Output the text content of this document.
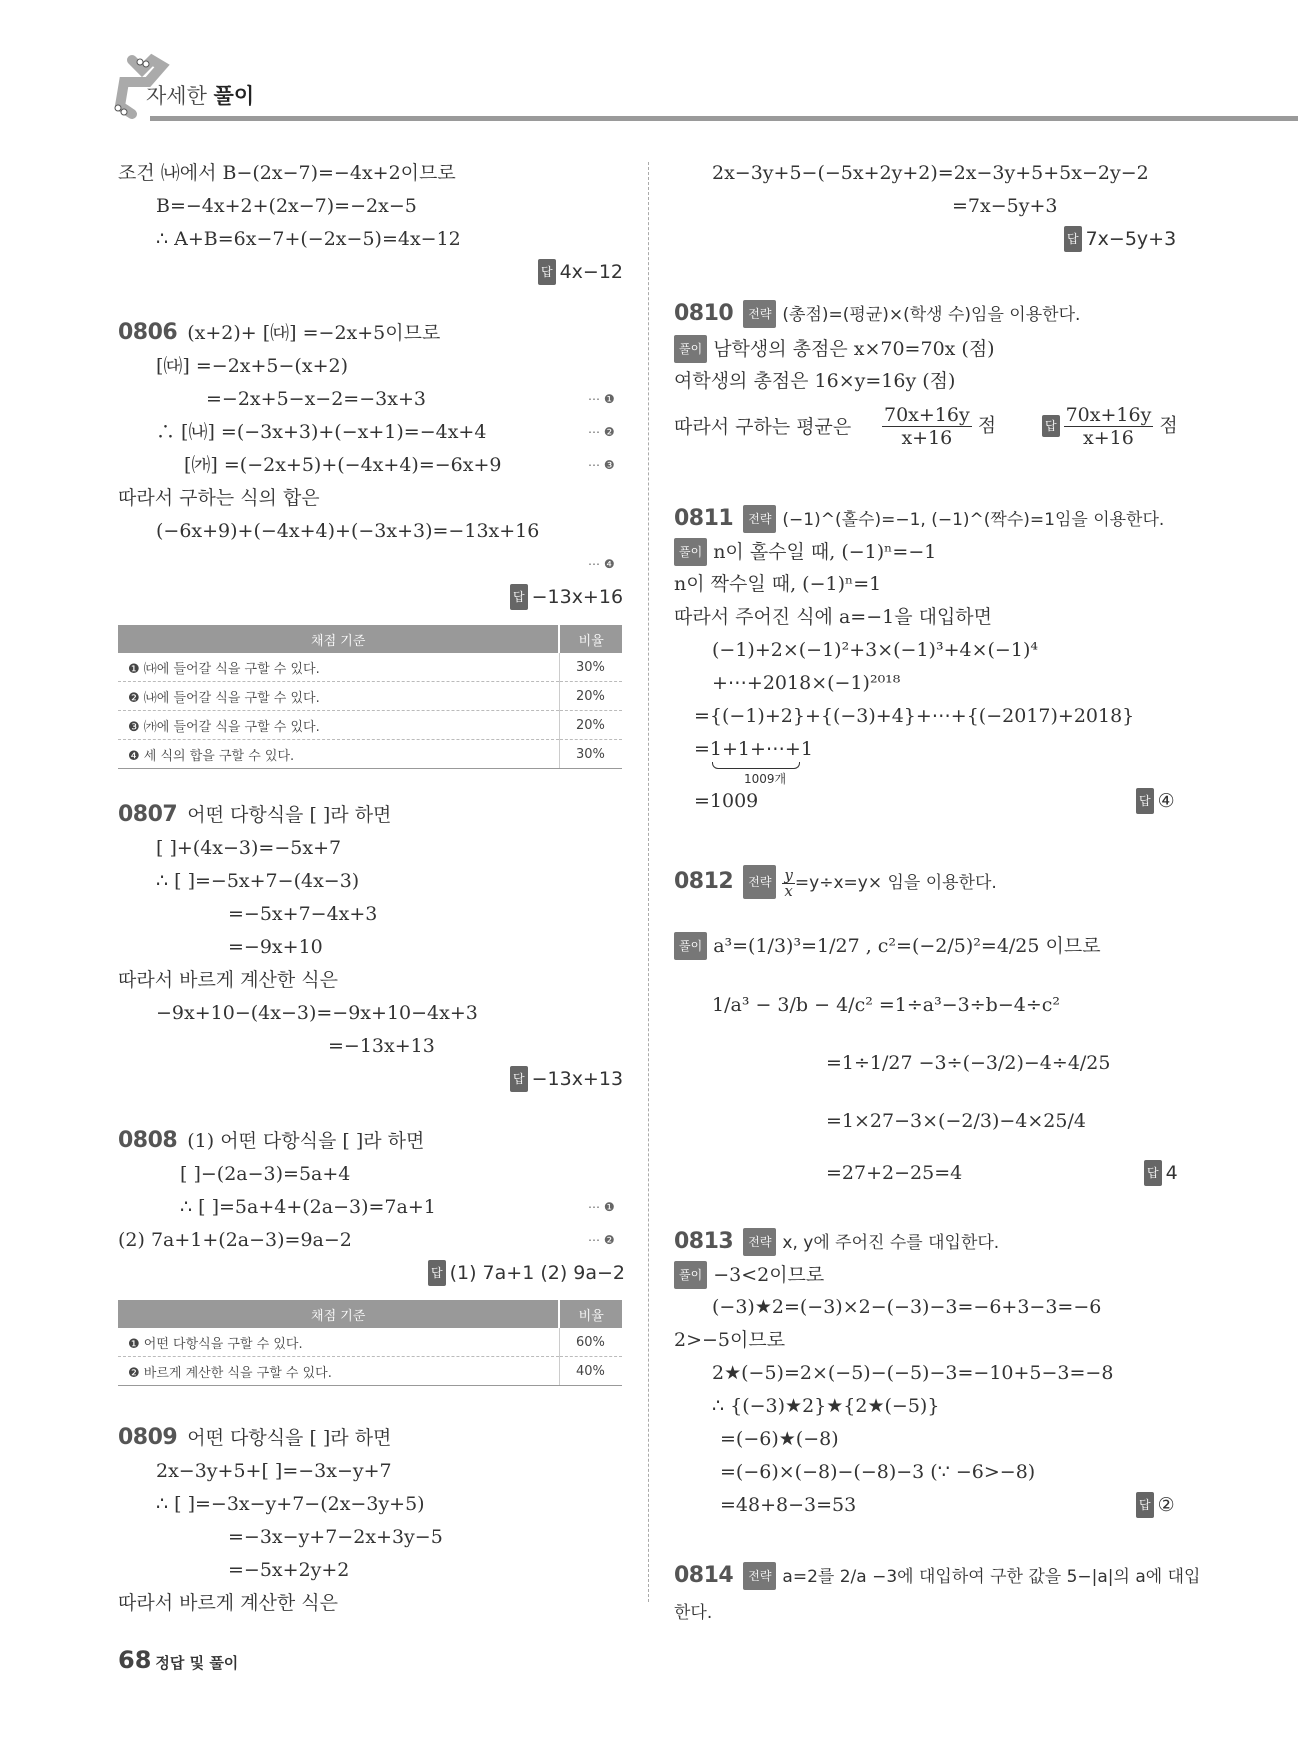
자세한 풀이
조건 ㈏에서 B−(2x−7)=−4x+2이므로
B=−4x+2+(2x−7)=−2x−5
∴ A+B=6x−7+(−2x−5)=4x−12
답 4x−12
0806 (x+2)+ [㈐] =−2x+5이므로
[㈐] =−2x+5−(x+2)
=−2x+5−x−2=−3x+3	⋯ ❶
∴ [㈏] =(−3x+3)+(−x+1)=−4x+4	⋯ ❷
[㈎] =(−2x+5)+(−4x+4)=−6x+9	⋯ ❸
따라서 구하는 식의 합은
(−6x+9)+(−4x+4)+(−3x+3)=−13x+16
⋯ ❹
답 −13x+16
채점 기준	비율
❶ ㈐에 들어갈 식을 구할 수 있다.	30%
❷ ㈏에 들어갈 식을 구할 수 있다.	20%
❸ ㈎에 들어갈 식을 구할 수 있다.	20%
❹ 세 식의 합을 구할 수 있다.	30%
0807 어떤 다항식을 [ ]라 하면
[ ]+(4x−3)=−5x+7
∴ [ ]=−5x+7−(4x−3)
=−5x+7−4x+3
=−9x+10
따라서 바르게 계산한 식은
−9x+10−(4x−3)=−9x+10−4x+3
=−13x+13
답 −13x+13
0808 (1) 어떤 다항식을 [ ]라 하면
[ ]−(2a−3)=5a+4
∴ [ ]=5a+4+(2a−3)=7a+1	⋯ ❶
(2) 7a+1+(2a−3)=9a−2	⋯ ❷
답 (1) 7a+1 (2) 9a−2
채점 기준	비율
❶ 어떤 다항식을 구할 수 있다.	60%
❷ 바르게 계산한 식을 구할 수 있다.	40%
0809 어떤 다항식을 [ ]라 하면
2x−3y+5+[ ]=−3x−y+7
∴ [ ]=−3x−y+7−(2x−3y+5)
=−3x−y+7−2x+3y−5
=−5x+2y+2
따라서 바르게 계산한 식은
2x−3y+5−(−5x+2y+2)=2x−3y+5+5x−2y−2
=7x−5y+3
답 7x−5y+3
0810 전략 (총점)=(평균)×(학생 수)임을 이용한다.
풀이 남학생의 총점은 x×70=70x (점)
여학생의 총점은 16×y=16y (점)
따라서 구하는 평균은 $\frac{70x+16y}{x+16}$ 점	답 $\frac{70x+16y}{x+16}$ 점
0811 전략 (−1)^(홀수)=−1, (−1)^(짝수)=1임을 이용한다.
풀이 n이 홀수일 때, (−1)ⁿ=−1
n이 짝수일 때, (−1)ⁿ=1
따라서 주어진 식에 a=−1을 대입하면
(−1)+2×(−1)²+3×(−1)³+4×(−1)⁴
+⋯+2018×(−1)²⁰¹⁸
={(−1)+2}+{(−3)+4}+⋯+{(−2017)+2018}
=1+1+⋯+1
1009개
=1009	답 ④
0812 전략 $\frac{y}{x} =y\div x=y\times$ 임을 이용한다.
풀이 a³=(1/3)³=1/27 , c²=(−2/5)²=4/25 이므로
1/a³ − 3/b − 4/c² =1÷a³−3÷b−4÷c²
=1÷1/27 −3÷(−3/2)−4÷4/25
=1×27−3×(−2/3)−4×25/4
=27+2−25=4	답 4
0813 전략 x, y에 주어진 수를 대입한다.
풀이 −3<2이므로
(−3)★2=(−3)×2−(−3)−3=−6+3−3=−6
2>−5이므로
2★(−5)=2×(−5)−(−5)−3=−10+5−3=−8
∴ {(−3)★2}★{2★(−5)}
=(−6)★(−8)
=(−6)×(−8)−(−8)−3 (∵ −6>−8)
=48+8−3=53	답 ②
0814 전략 a=2를 2/a −3에 대입하여 구한 값을 5−|a|의 a에 대입
한다.
68 정답 및 풀이
